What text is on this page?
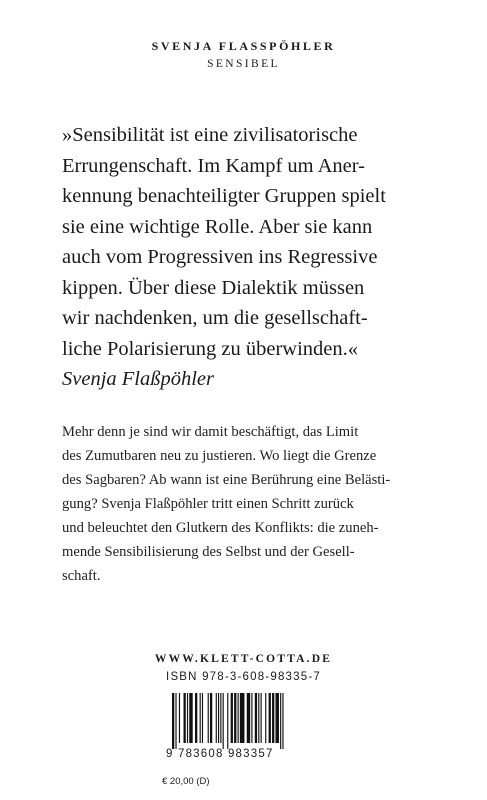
SVENJA FLASSPÖHLER
SENSIBEL
»Sensibilität ist eine zivilisatorische
Errungenschaft. Im Kampf um Aner-
kennung benachteiligter Gruppen spielt
sie eine wichtige Rolle. Aber sie kann
auch vom Progressiven ins Regressive
kippen. Über diese Dialektik müssen
wir nachdenken, um die gesellschaft-
liche Polarisierung zu überwinden.«
Svenja Flaßpöhler
Mehr denn je sind wir damit beschäftigt, das Limit
des Zumutbaren neu zu justieren. Wo liegt die Grenze
des Sagbaren? Ab wann ist eine Berührung eine Belästi-
gung? Svenja Flaßpöhler tritt einen Schritt zurück
und beleuchtet den Glutkern des Konflikts: die zuneh-
mende Sensibilisierung des Selbst und der Gesell-
schaft.
WWW.KLETT-COTTA.DE
ISBN 978-3-608-98335-7
9 783608 983357
€ 20,00 (D)
